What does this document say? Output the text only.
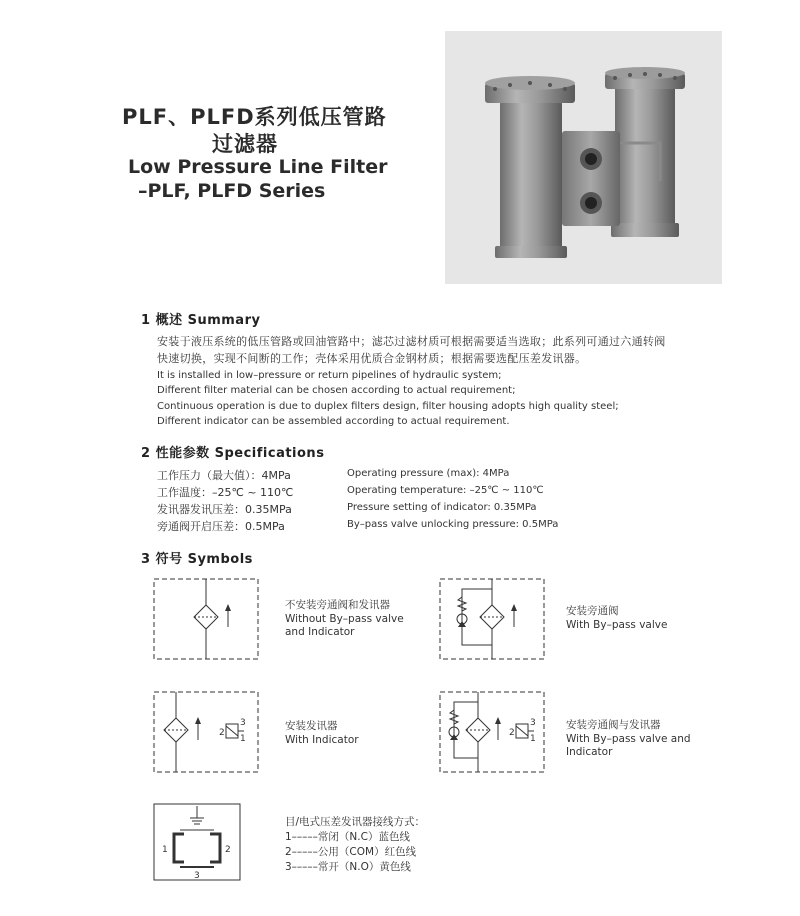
PLF、PLFD系列低压管路
过滤器
Low Pressure Line Filter
–PLF, PLFD Series
1 概述 Summary
安装于液压系统的低压管路或回油管路中；滤芯过滤材质可根据需要适当选取；此系列可通过六通转阀
快速切换，实现不间断的工作；壳体采用优质合金钢材质；根据需要选配压差发讯器。
It is installed in low–pressure or return pipelines of hydraulic system;
Different filter material can be chosen according to actual requirement;
Continuous operation is due to duplex filters design, filter housing adopts high quality steel;
Different indicator can be assembled according to actual requirement.
2 性能参数 Specifications
工作压力（最大值）：4MPa
工作温度：–25℃ ~ 110℃
发讯器发讯压差：0.35MPa
旁通阀开启压差：0.5MPa
Operating pressure (max): 4MPa
Operating temperature: –25℃ ~ 110℃
Pressure setting of indicator: 0.35MPa
By–pass valve unlocking pressure: 0.5MPa
3 符号 Symbols
不安装旁通阀和发讯器
Without By–pass valve
and Indicator
安装旁通阀
With By–pass valve
2
3
1
安装发讯器
With Indicator
2
3
1
安装旁通阀与发讯器
With By–pass valve and
Indicator
1	2
3
目/电式压差发讯器接线方式：
1–––––常闭（N.C）蓝色线
2–––––公用（COM）红色线
3–––––常开（N.O）黄色线
